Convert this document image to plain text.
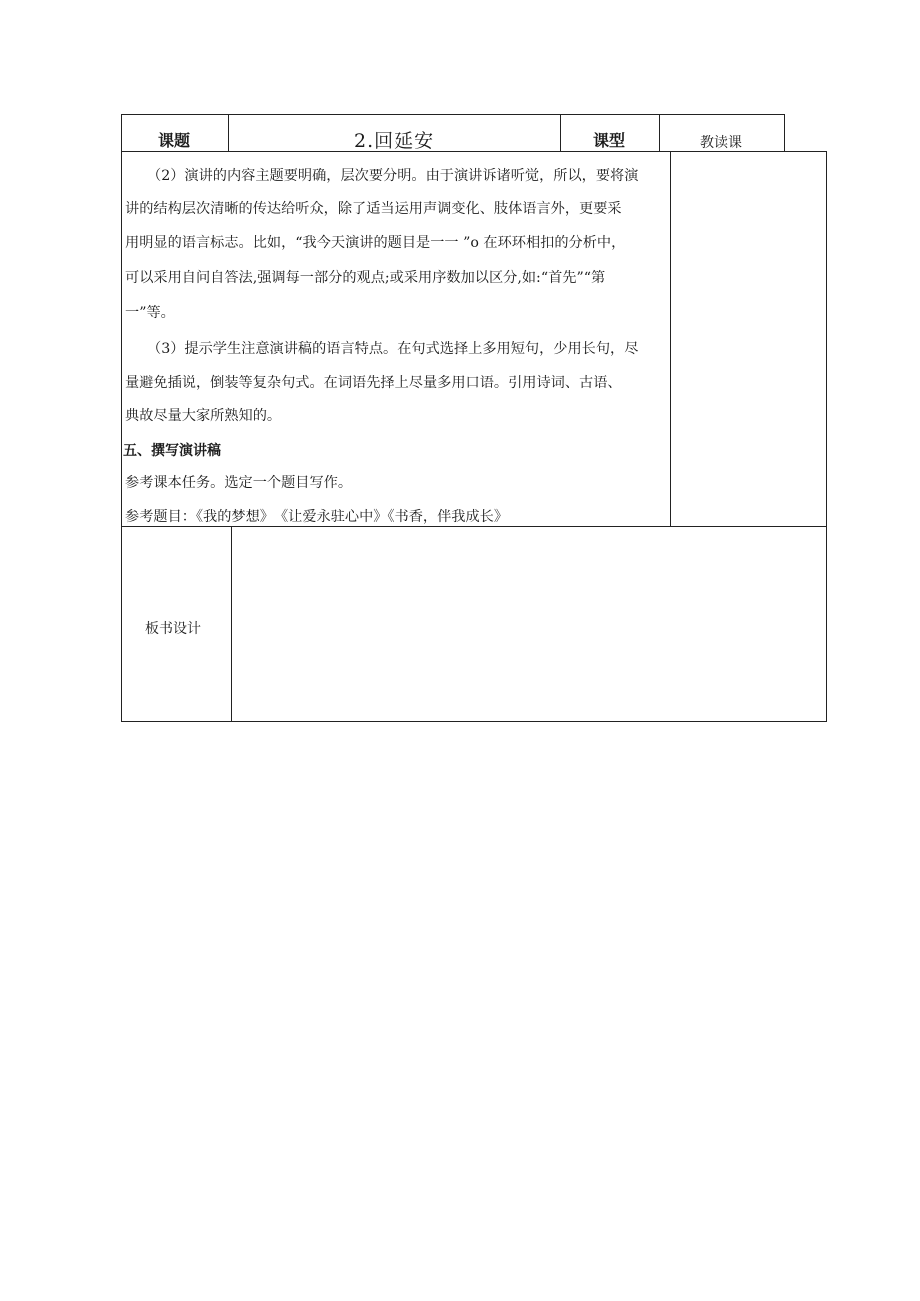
课题	2.回延安	课型	教读课
（2）演讲的内容主题要明确，层次要分明。由于演讲诉诸听觉，所以，要将演
讲的结构层次清晰的传达给听众，除了适当运用声调变化、肢体语言外，更要采
用明显的语言标志。比如，“我今天演讲的题目是一一 ”o 在环环相扣的分析中，
可以采用自问自答法,强调每一部分的观点;或采用序数加以区分,如:“首先”“第
一”等。
（3）提示学生注意演讲稿的语言特点。在句式选择上多用短句，少用长句，尽
量避免插说，倒装等复杂句式。在词语先择上尽量多用口语。引用诗词、古语、
典故尽量大家所熟知的。
五、撰写演讲稿
参考课本任务。选定一个题目写作。
参考题目：《我的梦想》　《让爱永驻心中》《书香，伴我成长》
板书设计
